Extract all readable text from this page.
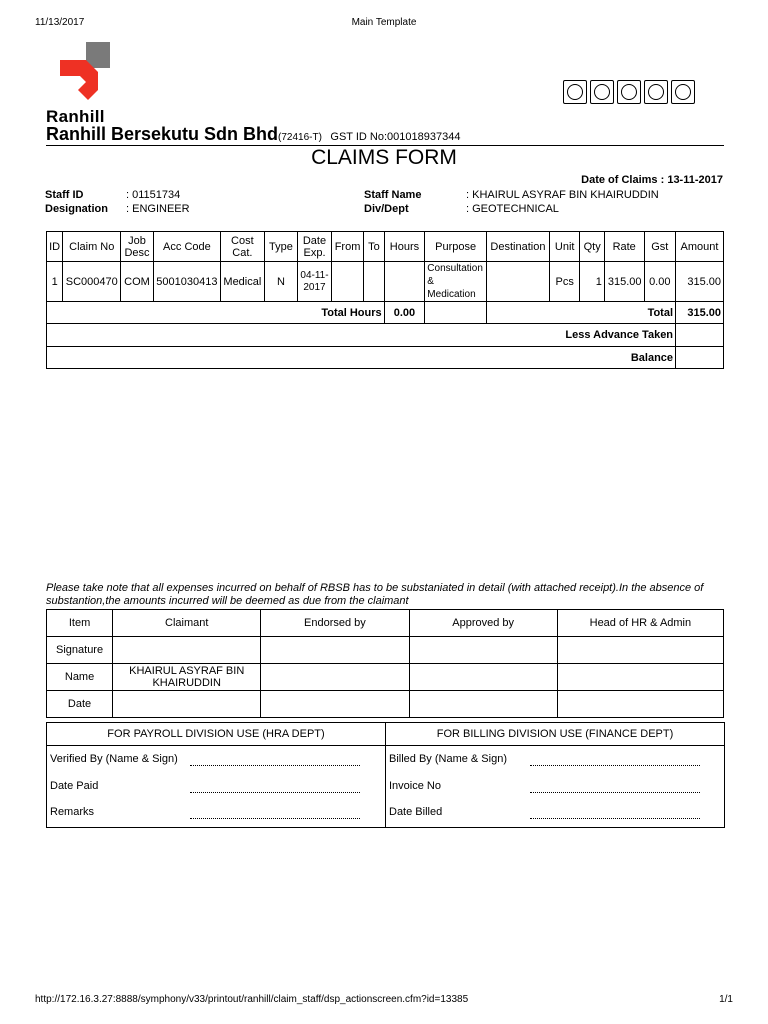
11/13/2017	Main Template
Ranhill
Ranhill Bersekutu Sdn Bhd(72416-T) GST ID No:001018937344
CLAIMS FORM
Date of Claims : 13-11-2017
Staff ID	: 01151734
Designation : ENGINEER
Staff Name	: KHAIRUL ASYRAF BIN KHAIRUDDIN
Div/Dept	: GEOTECHNICAL
ID	Claim No	Job Desc	Acc Code	Cost Cat.	Type	Date Exp.	From	To	Hours	Purpose	Destination	Unit	Qty	Rate	Gst	Amount
1	SC000470	COM	5001030413	Medical	N	04-11-2017				Consultation & Medication		Pcs	1	315.00	0.00	315.00
Total Hours									0.00		Total					315.00
Less Advance Taken																
Balance																
Please take note that all expenses incurred on behalf of RBSB has to be substaniated in detail (with attached receipt).In the absence of substantion,the amounts incurred will be deemed as due from the claimant
Item	Claimant	Endorsed by	Approved by	Head of HR & Admin
Signature				
Name	KHAIRUL ASYRAF BIN KHAIRUDDIN			
Date				
FOR PAYROLL DIVISION USE (HRA DEPT)
Verified By (Name & Sign)
Date Paid
Remarks
FOR BILLING DIVISION USE (FINANCE DEPT)
Billed By (Name & Sign)
Invoice No
Date Billed
http://172.16.3.27:8888/symphony/v33/printout/ranhill/claim_staff/dsp_actionscreen.cfm?id=13385	1/1
